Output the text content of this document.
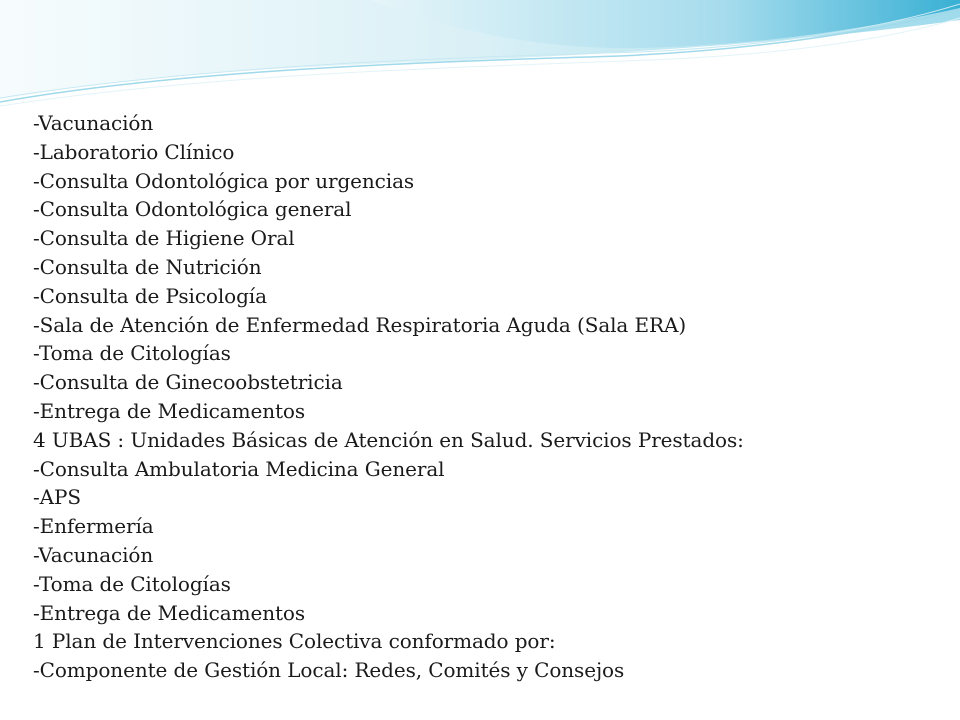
-Vacunación
-Laboratorio Clínico
-Consulta Odontológica por urgencias
-Consulta Odontológica general
-Consulta de Higiene Oral
-Consulta de Nutrición
-Consulta de Psicología
-Sala de Atención de Enfermedad Respiratoria Aguda (Sala ERA)
-Toma de Citologías
-Consulta de Ginecoobstetricia
-Entrega de Medicamentos
4 UBAS : Unidades Básicas de Atención en Salud. Servicios Prestados:
-Consulta Ambulatoria Medicina General
-APS
-Enfermería
-Vacunación
-Toma de Citologías
-Entrega de Medicamentos
1 Plan de Intervenciones Colectiva conformado por:
-Componente de Gestión Local: Redes, Comités y Consejos
